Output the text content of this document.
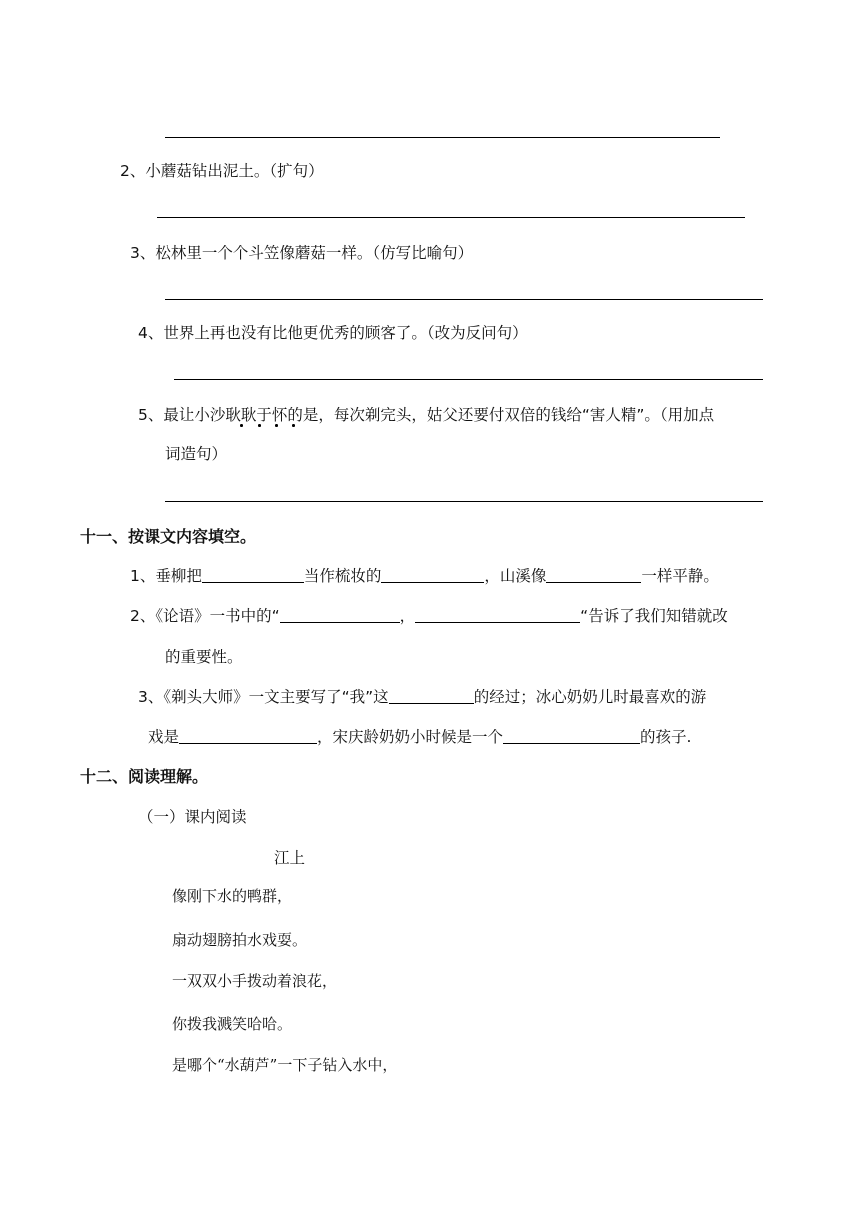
2、小蘑菇钻出泥土。（扩句）
3、松林里一个个斗笠像蘑菇一样。（仿写比喻句）
4、世界上再也没有比他更优秀的顾客了。（改为反问句）
5、最让小沙耿耿于怀的是，每次剃完头，姑父还要付双倍的钱给“害人精”。（用加点
词造句）
十一、按课文内容填空。
1、垂柳把	当作梳妆的	，山溪像	一样平静。
2、《论语》一书中的“	，	“告诉了我们知错就改
的重要性。
3、《剃头大师》一文主要写了“我”这	的经过；冰心奶奶儿时最喜欢的游
戏是	，宋庆龄奶奶小时候是一个	的孩子.
十二、阅读理解。
（一）课内阅读
江上
像刚下水的鸭群，
扇动翅膀拍水戏耍。
一双双小手拨动着浪花，
你拨我溅笑哈哈。
是哪个“水葫芦”一下子钻入水中，
